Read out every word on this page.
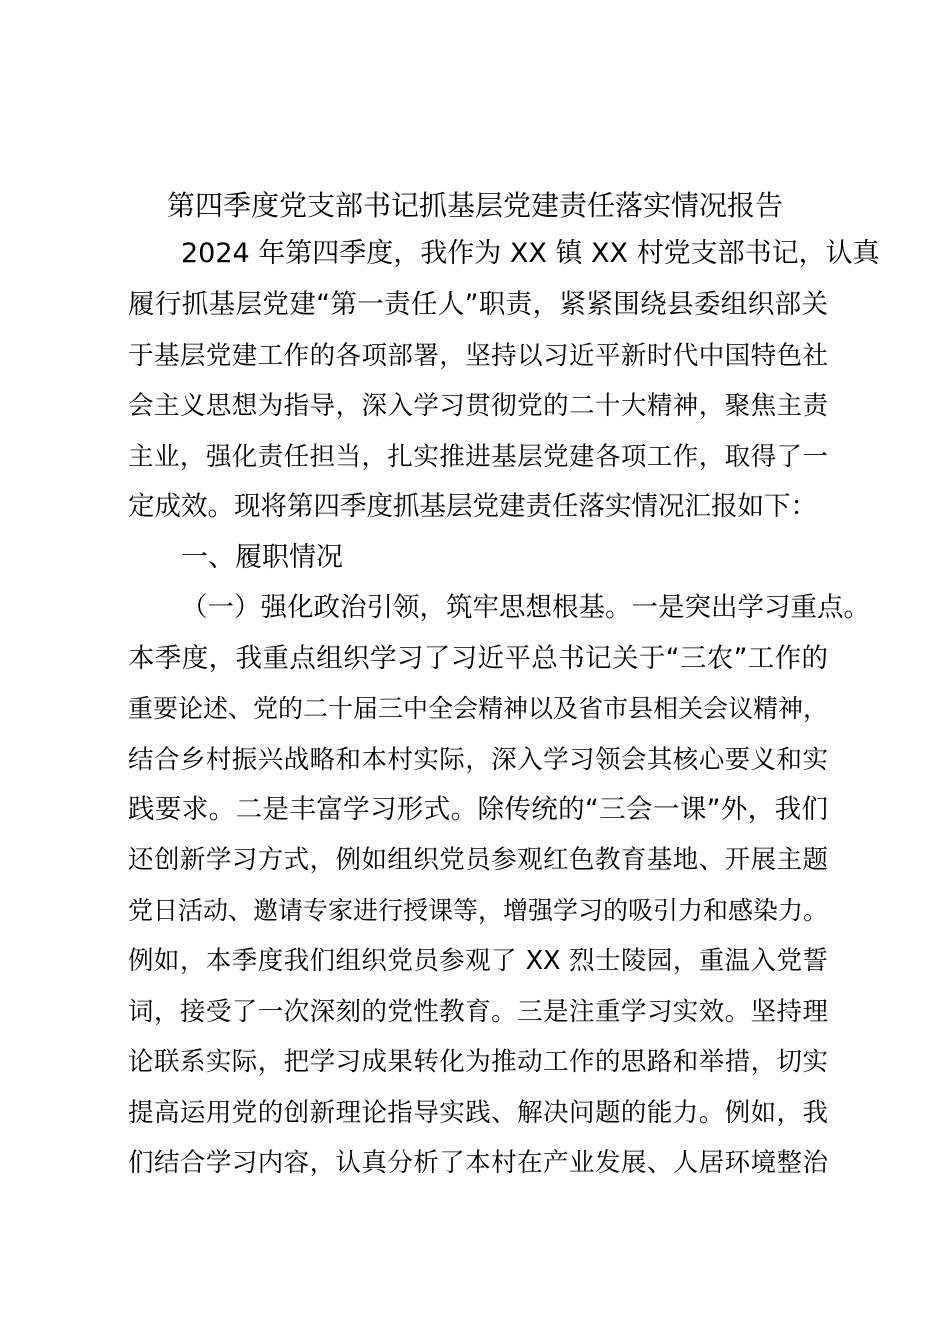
第四季度党支部书记抓基层党建责任落实情况报告
2024 年第四季度，我作为 XX 镇 XX 村党支部书记，认真
履行抓基层党建“第一责任人”职责，紧紧围绕县委组织部关
于基层党建工作的各项部署，坚持以习近平新时代中国特色社
会主义思想为指导，深入学习贯彻党的二十大精神，聚焦主责
主业，强化责任担当，扎实推进基层党建各项工作，取得了一
定成效。现将第四季度抓基层党建责任落实情况汇报如下：
一、履职情况
（一）强化政治引领，筑牢思想根基。一是突出学习重点。
本季度，我重点组织学习了习近平总书记关于“三农”工作的
重要论述、党的二十届三中全会精神以及省市县相关会议精神，
结合乡村振兴战略和本村实际，深入学习领会其核心要义和实
践要求。二是丰富学习形式。除传统的“三会一课”外，我们
还创新学习方式，例如组织党员参观红色教育基地、开展主题
党日活动、邀请专家进行授课等，增强学习的吸引力和感染力。
例如，本季度我们组织党员参观了 XX 烈士陵园，重温入党誓
词，接受了一次深刻的党性教育。三是注重学习实效。坚持理
论联系实际，把学习成果转化为推动工作的思路和举措，切实
提高运用党的创新理论指导实践、解决问题的能力。例如，我
们结合学习内容，认真分析了本村在产业发展、人居环境整治
